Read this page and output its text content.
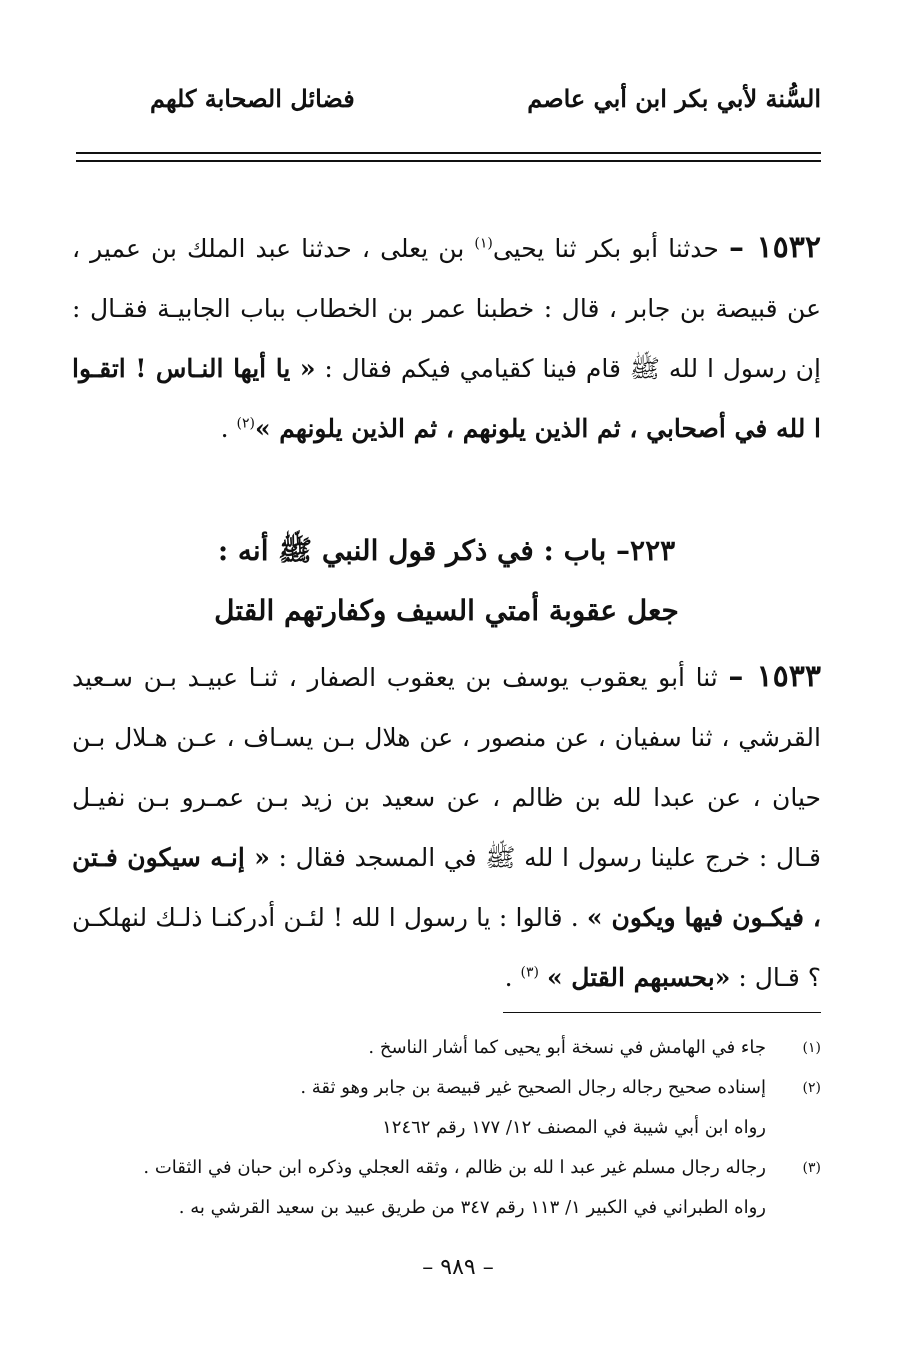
السُّنة لأبي بكر ابن أبي عاصم
فضائل الصحابة كلهم
١٥٣٢ – حدثنا أبو بكر ثنا يحيى$^{(١)}$ بن يعلى ، حدثنا عبد الملك بن عمير ، عن قبيصة بن جابر ، قال : خطبنا عمر بن الخطاب بباب الجابيـة فقـال : إن رسول ا لله ﷺ قام فينا كقيامي فيكم فقال : « يا أيها النـاس ! اتقـوا ا لله في أصحابي ، ثم الذين يلونهم ، ثم الذين يلونهم »$^{(٢)}$ .
٢٢٣– باب : في ذكر قول النبي ﷺ أنه :
جعل عقوبة أمتي السيف وكفارتهم القتل
١٥٣٣ – ثنا أبو يعقوب يوسف بن يعقوب الصفار ، ثنـا عبيـد بـن سـعيد القرشي ، ثنا سفيان ، عن منصور ، عن هلال بـن يسـاف ، عـن هـلال بـن حيان ، عن عبدا لله بن ظالم ، عن سعيد بن زيد بـن عمـرو بـن نفيـل قـال : خرج علينا رسول ا لله ﷺ في المسجد فقال : « إنـه سيكون فـتن ، فيكـون فيها ويكون » . قالوا : يا رسول ا لله ! لئـن أدركنـا ذلـك لنهلكـن ؟ قـال : «بحسبهم القتل » $^{(٣)}$ .
(١)
جاء في الهامش في نسخة أبو يحيى كما أشار الناسخ .
(٢)
إسناده صحيح رجاله رجال الصحيح غير قبيصة بن جابر وهو ثقة .
رواه ابن أبي شيبة في المصنف ١٢/ ١٧٧ رقم ١٢٤٦٢
(٣)
رجاله رجال مسلم غير عبد ا لله بن ظالم ، وثقه العجلي وذكره ابن حبان في الثقات .
رواه الطبراني في الكبير ١/ ١١٣ رقم ٣٤٧ من طريق عبيد بن سعيد القرشي به .
– ٩٨٩ –
